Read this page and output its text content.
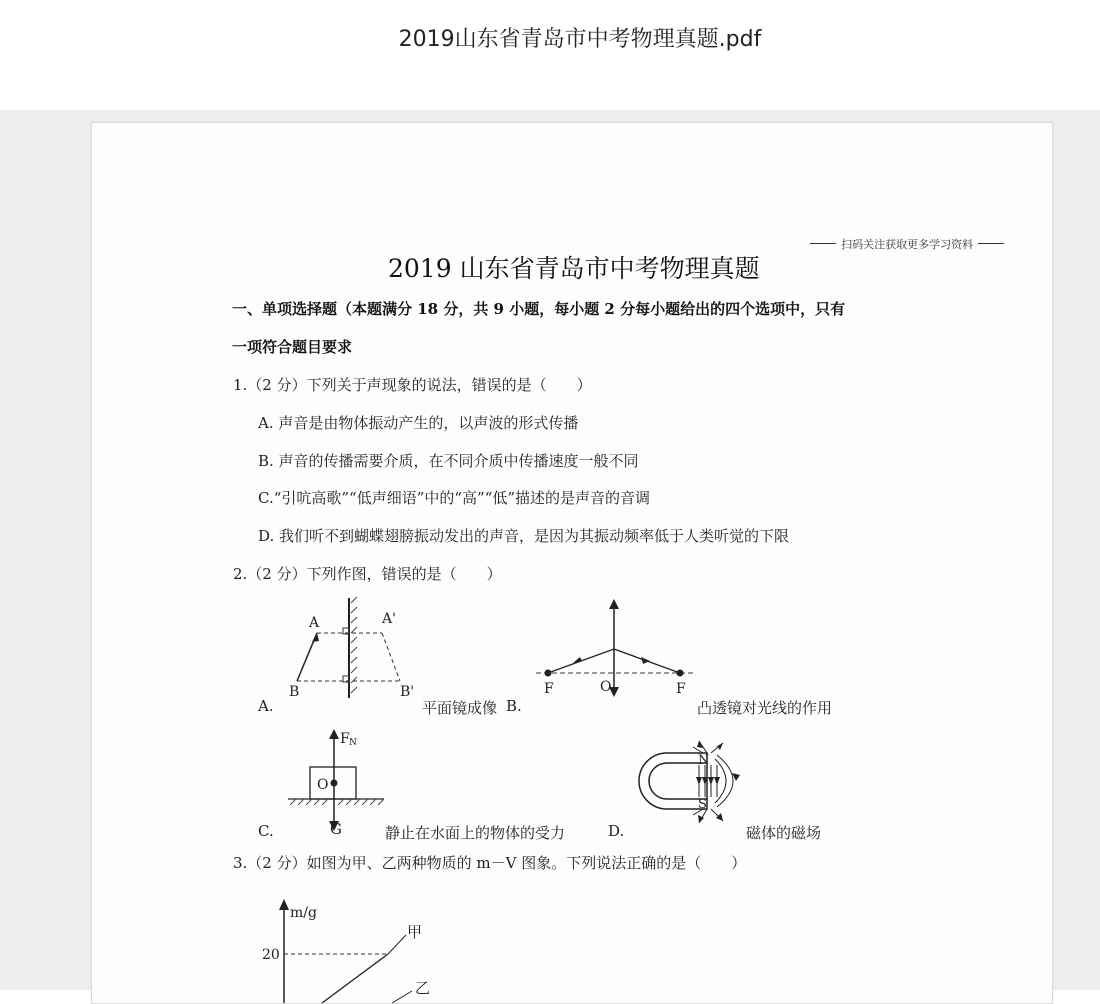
2019山东省青岛市中考物理真题.pdf
扫码关注获取更多学习资料
2019 山东省青岛市中考物理真题
一、单项选择题（本题满分 18 分，共 9 小题，每小题 2 分每小题给出的四个选项中，只有
一项符合题目要求
1.（2 分）下列关于声现象的说法，错误的是（　　）
A. 声音是由物体振动产生的，以声波的形式传播
B. 声音的传播需要介质，在不同介质中传播速度一般不同
C.“引吭高歌”“低声细语”中的“高”“低”描述的是声音的音调
D. 我们听不到蝴蝶翅膀振动发出的声音，是因为其振动频率低于人类听觉的下限
2.（2 分）下列作图，错误的是（　　）
A	A'
B	B'
A.	平面镜成像 B.
F	O	F
凸透镜对光线的作用
O
F N
C.	G	静止在水面上的物体的受力	D.
N
S
磁体的磁场
3.（2 分）如图为甲、乙两种物质的 m－V 图象。下列说法正确的是（　　）
m/g
20
甲
乙
